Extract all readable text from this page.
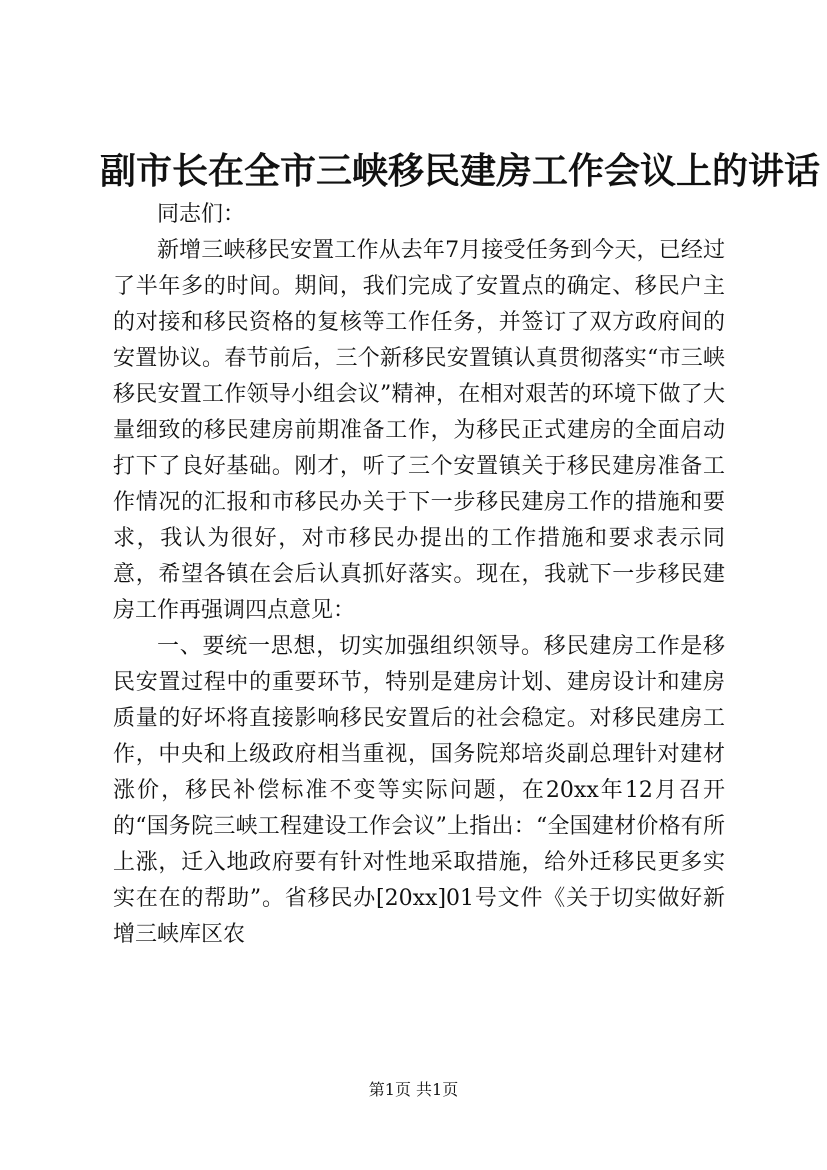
副市长在全市三峡移民建房工作会议上的讲话

同志们：

新增三峡移民安置工作从去年7月接受任务到今天，已经过了半年多的时间。期间，我们完成了安置点的确定、移民户主的对接和移民资格的复核等工作任务，并签订了双方政府间的安置协议。春节前后，三个新移民安置镇认真贯彻落实“市三峡移民安置工作领导小组会议”精神，在相对艰苦的环境下做了大量细致的移民建房前期准备工作，为移民正式建房的全面启动打下了良好基础。刚才，听了三个安置镇关于移民建房准备工作情况的汇报和市移民办关于下一步移民建房工作的措施和要求，我认为很好，对市移民办提出的工作措施和要求表示同意，希望各镇在会后认真抓好落实。现在，我就下一步移民建房工作再强调四点意见：

一、要统一思想，切实加强组织领导。移民建房工作是移民安置过程中的重要环节，特别是建房计划、建房设计和建房质量的好坏将直接影响移民安置后的社会稳定。对移民建房工作，中央和上级政府相当重视，国务院郑培炎副总理针对建材涨价，移民补偿标准不变等实际问题，在20xx年12月召开的“国务院三峡工程建设工作会议”上指出：“全国建材价格有所上涨，迁入地政府要有针对性地采取措施，给外迁移民更多实实在在的帮助”。省移民办[20xx]01号文件《关于切实做好新增三峡库区农

第1页 共1页
